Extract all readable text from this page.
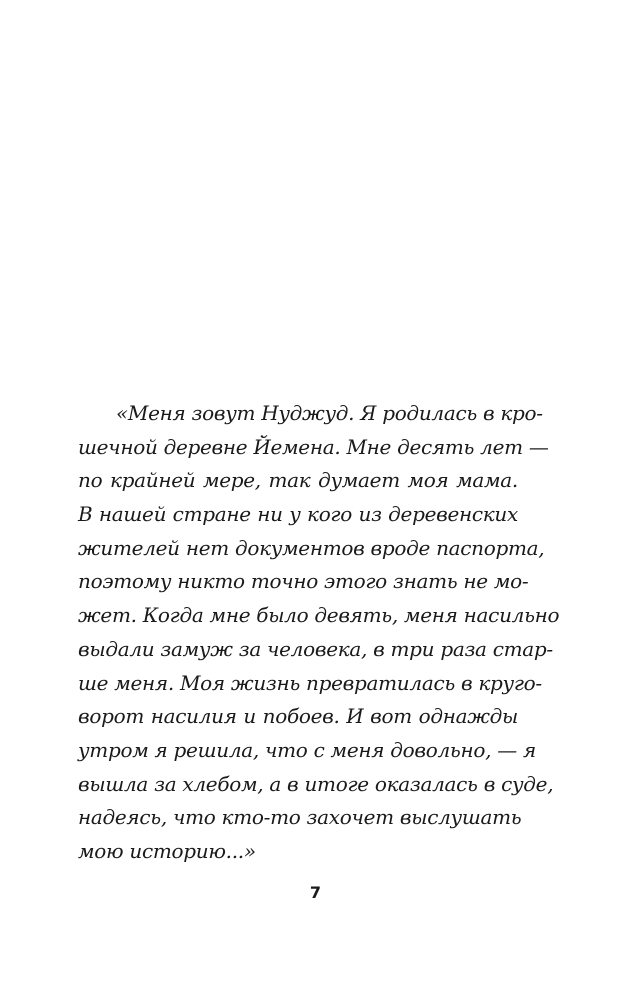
«Меня зовут Нуджуд. Я родилась в кро-
шечной деревне Йемена. Мне десять лет —
по крайней мере, так думает моя мама.
В нашей стране ни у кого из деревенских
жителей нет документов вроде паспорта,
поэтому никто точно этого знать не мо-
жет. Когда мне было девять, меня насильно
выдали замуж за человека, в три раза стар-
ше меня. Моя жизнь превратилась в круго-
ворот насилия и побоев. И вот однажды
утром я решила, что с меня довольно, — я
вышла за хлебом, а в итоге оказалась в суде,
надеясь, что кто-то захочет выслушать
мою историю...»

7
